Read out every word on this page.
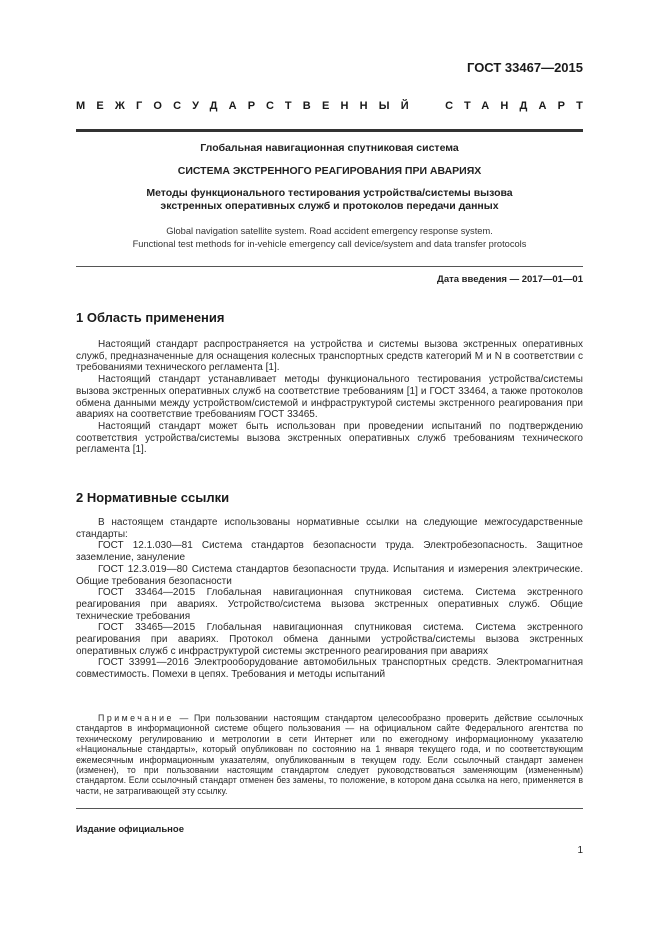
ГОСТ 33467—2015
МЕЖГОСУДАРСТВЕННЫЙ СТАНДАРТ
Глобальная навигационная спутниковая система
СИСТЕМА ЭКСТРЕННОГО РЕАГИРОВАНИЯ ПРИ АВАРИЯХ
Методы функционального тестирования устройства/системы вызова
экстренных оперативных служб и протоколов передачи данных
Global navigation satellite system. Road accident emergency response system.
Functional test methods for in-vehicle emergency call device/system and data transfer protocols
Дата введения — 2017—01—01
1 Область применения

Настоящий стандарт распространяется на устройства и системы вызова экстренных оперативных служб, предназначенные для оснащения колесных транспортных средств категорий М и N в соответствии с требованиями технического регламента [1].

Настоящий стандарт устанавливает методы функционального тестирования устройства/системы вызова экстренных оперативных служб на соответствие требованиям [1] и ГОСТ 33464, а также протоколов обмена данными между устройством/системой и инфраструктурой системы экстренного реагирования при авариях на соответствие требованиям ГОСТ 33465.

Настоящий стандарт может быть использован при проведении испытаний по подтверждению соответствия устройства/системы вызова экстренных оперативных служб требованиям технического регламента [1].

2 Нормативные ссылки

В настоящем стандарте использованы нормативные ссылки на следующие межгосударственные стандарты:

ГОСТ 12.1.030—81 Система стандартов безопасности труда. Электробезопасность. Защитное заземление, зануление

ГОСТ 12.3.019—80 Система стандартов безопасности труда. Испытания и измерения электрические. Общие требования безопасности

ГОСТ 33464—2015 Глобальная навигационная спутниковая система. Система экстренного реагирования при авариях. Устройство/система вызова экстренных оперативных служб. Общие технические требования

ГОСТ 33465—2015 Глобальная навигационная спутниковая система. Система экстренного реагирования при авариях. Протокол обмена данными устройства/системы вызова экстренных оперативных служб с инфраструктурой системы экстренного реагирования при авариях

ГОСТ 33991—2016 Электрооборудование автомобильных транспортных средств. Электромагнитная совместимость. Помехи в цепях. Требования и методы испытаний

Примечание — При пользовании настоящим стандартом целесообразно проверить действие ссылочных стандартов в информационной системе общего пользования — на официальном сайте Федерального агентства по техническому регулированию и метрологии в сети Интернет или по ежегодному информационному указателю «Национальные стандарты», который опубликован по состоянию на 1 января текущего года, и по соответствующим ежемесячным информационным указателям, опубликованным в текущем году. Если ссылочный стандарт заменен (изменен), то при пользовании настоящим стандартом следует руководствоваться заменяющим (измененным) стандартом. Если ссылочный стандарт отменен без замены, то положение, в котором дана ссылка на него, применяется в части, не затрагивающей эту ссылку.

Издание официальное
1
